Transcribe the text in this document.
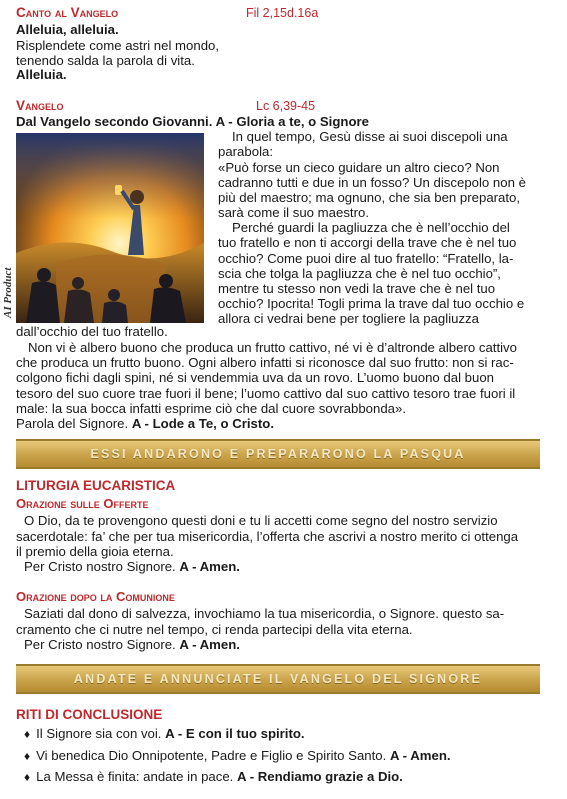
Canto al Vangelo	Fil 2,15d.16a
Alleluia, alleluia.
Risplendete come astri nel mondo,
tenendo salda la parola di vita.
Alleluia.
Vangelo	Lc 6,39-45
Dal Vangelo secondo Giovanni. A - Gloria a te, o Signore
AI Product
In quel tempo, Gesù disse ai suoi discepoli una
parabola:
«Può forse un cieco guidare un altro cieco? Non
cadranno tutti e due in un fosso? Un discepolo non è
più del maestro; ma ognuno, che sia ben preparato,
sarà come il suo maestro.
Perché guardi la pagliuzza che è nell’occhio del
tuo fratello e non ti accorgi della trave che è nel tuo
occhio? Come puoi dire al tuo fratello: “Fratello, la-
scia che tolga la pagliuzza che è nel tuo occhio”,
mentre tu stesso non vedi la trave che è nel tuo
occhio? Ipocrita! Togli prima la trave dal tuo occhio e
allora ci vedrai bene per togliere la pagliuzza
dall’occhio del tuo fratello.
Non vi è albero buono che produca un frutto cattivo, né vi è d’altronde albero cattivo
che produca un frutto buono. Ogni albero infatti si riconosce dal suo frutto: non si rac-
colgono fichi dagli spini, né si vendemmia uva da un rovo. L’uomo buono dal buon
tesoro del suo cuore trae fuori il bene; l’uomo cattivo dal suo cattivo tesoro trae fuori il
male: la sua bocca infatti esprime ciò che dal cuore sovrabbonda».
Parola del Signore. A - Lode a Te, o Cristo.
ESSI ANDARONO E PREPARARONO LA PASQUA
LITURGIA EUCARISTICA
Orazione sulle Offerte
O Dio, da te provengono questi doni e tu li accetti come segno del nostro servizio
sacerdotale: fa’ che per tua misericordia, l’offerta che ascrivi a nostro merito ci ottenga
il premio della gioia eterna.
Per Cristo nostro Signore. A - Amen.
Orazione dopo la Comunione
Saziati dal dono di salvezza, invochiamo la tua misericordia, o Signore. questo sa-
cramento che ci nutre nel tempo, ci renda partecipi della vita eterna.
Per Cristo nostro Signore. A - Amen.
ANDATE E ANNUNCIATE IL VANGELO DEL SIGNORE
RITI DI CONCLUSIONE
♦ Il Signore sia con voi. A - E con il tuo spirito.
♦ Vi benedica Dio Onnipotente, Padre e Figlio e Spirito Santo. A - Amen.
♦ La Messa è finita: andate in pace. A - Rendiamo grazie a Dio.
